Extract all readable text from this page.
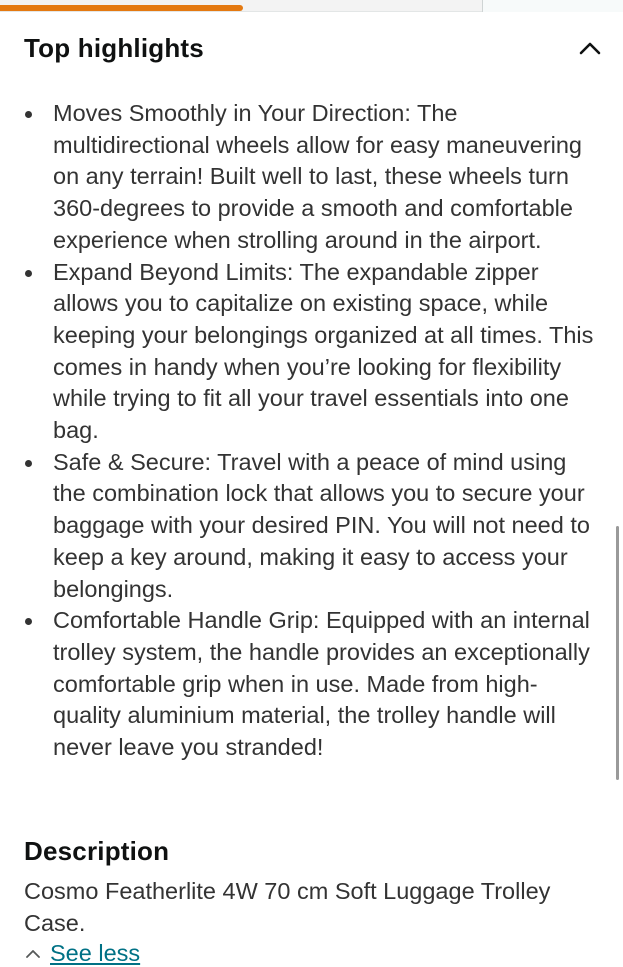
Top highlights
Moves Smoothly in Your Direction: The multidirectional wheels allow for easy maneuvering on any terrain! Built well to last, these wheels turn 360-degrees to provide a smooth and comfortable experience when strolling around in the airport.
Expand Beyond Limits: The expandable zipper allows you to capitalize on existing space, while keeping your belongings organized at all times. This comes in handy when you’re looking for flexibility while trying to fit all your travel essentials into one bag.
Safe & Secure: Travel with a peace of mind using the combination lock that allows you to secure your baggage with your desired PIN. You will not need to keep a key around, making it easy to access your belongings.
Comfortable Handle Grip: Equipped with an internal trolley system, the handle provides an exceptionally comfortable grip when in use. Made from high-quality aluminium material, the trolley handle will never leave you stranded!
Description
Cosmo Featherlite 4W 70 cm Soft Luggage Trolley Case.
See less
